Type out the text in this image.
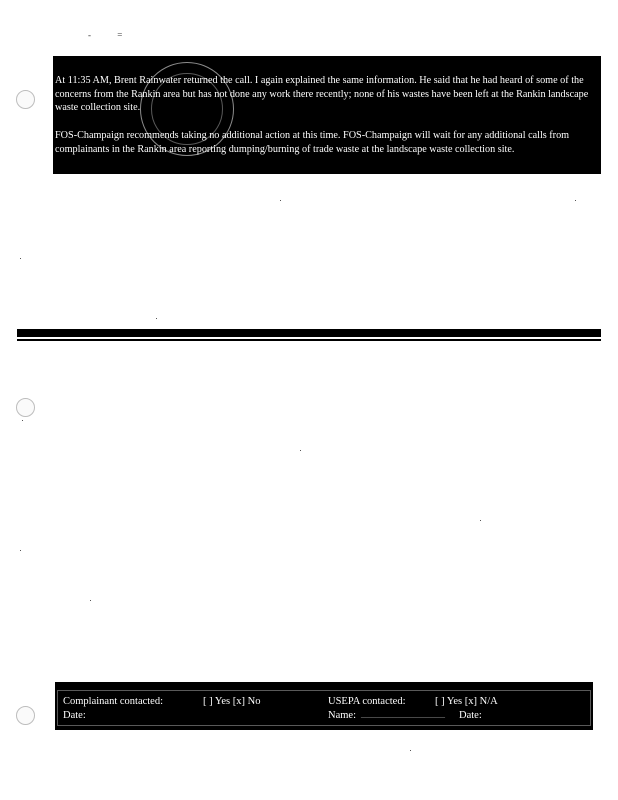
- =

At 11:35 AM, Brent Rainwater returned the call. I again explained the same information. He said that he had heard of some of the concerns from the Rankin area but has not done any work there recently; none of his wastes have been left at the Rankin landscape waste collection site.

FOS-Champaign recommends taking no additional action at this time. FOS-Champaign will wait for any additional calls from complainants in the Rankin area reporting dumping/burning of trade waste at the landscape waste collection site.

Complainant contacted:	[ ] Yes [x] No
Date:
USEPA contacted:	[ ] Yes [x] N/A
Name: ________________ Date:
